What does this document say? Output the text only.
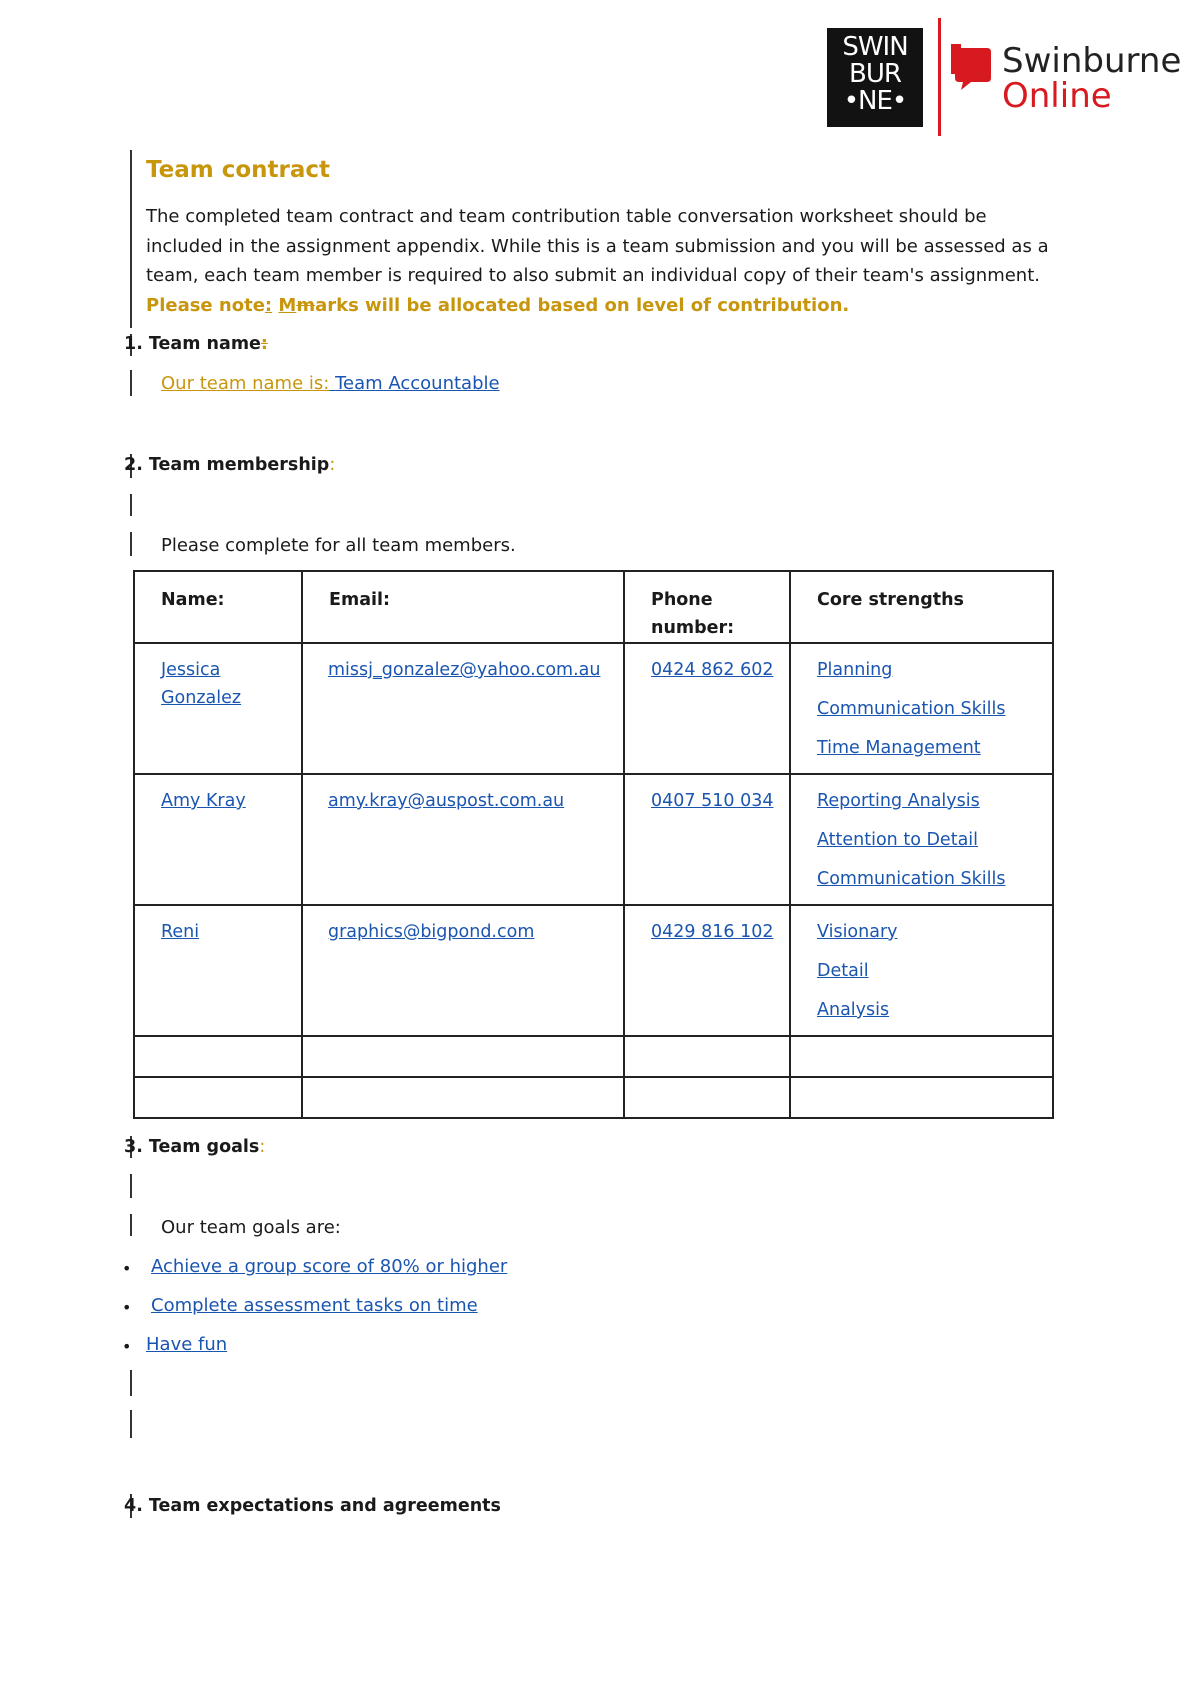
SWIN
BUR
•NE•
Swinburne
Online
Team contract
The completed team contract and team contribution table conversation worksheet should be included in the assignment appendix. While this is a team submission and you will be assessed as a team, each team member is required to also submit an individual copy of their team's assignment.
Please note: Mmarks will be allocated based on level of contribution.
1. Team name:
Our team name is: Team Accountable
2. Team membership:
Please complete for all team members.
Name:	Email:	Phone number:	Core strengths
Jessica Gonzalez	missj_gonzalez@yahoo.com.au	0424 862 602	Planning
Communication Skills
Time Management

Amy Kray	amy.kray@auspost.com.au	0407 510 034	Reporting Analysis
Attention to Detail
Communication Skills

Reni	graphics@bigpond.com	0429 816 102	Visionary
Detail
Analysis

3. Team goals:
Our team goals are:
• Achieve a group score of 80% or higher
• Complete assessment tasks on time
• Have fun
4. Team expectations and agreements
